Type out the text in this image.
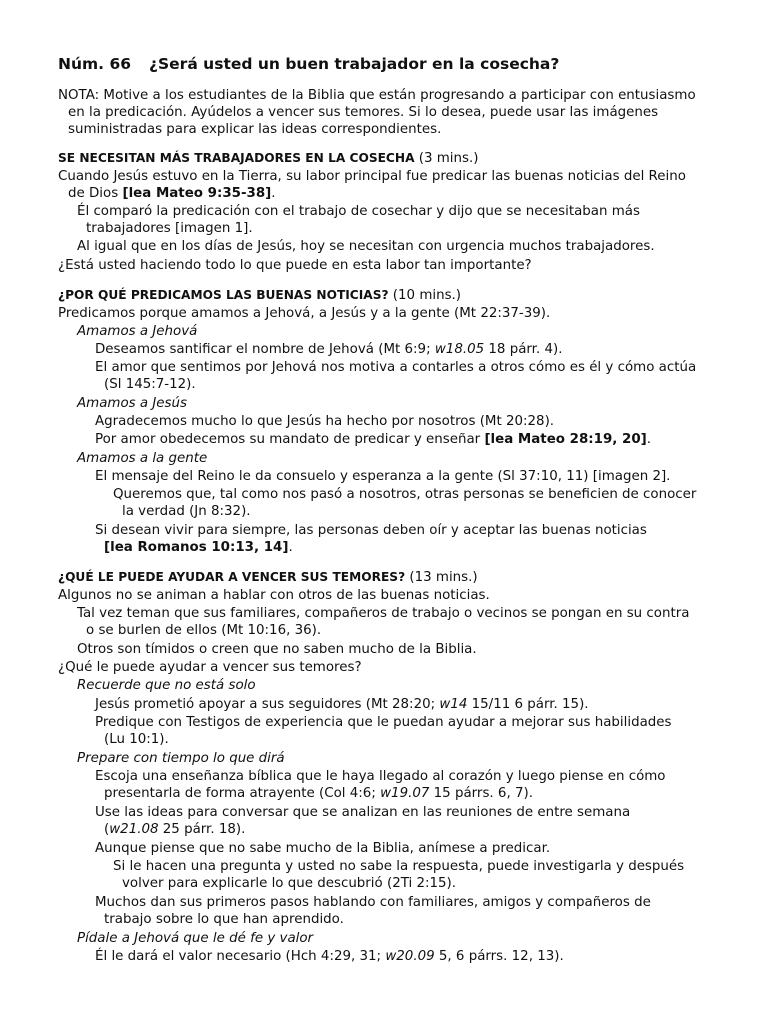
Núm. 66 ¿Será usted un buen trabajador en la cosecha?
NOTA: Motive a los estudiantes de la Biblia que están progresando a participar con entusiasmo
en la predicación. Ayúdelos a vencer sus temores. Si lo desea, puede usar las imágenes
suministradas para explicar las ideas correspondientes.
SE NECESITAN MÁS TRABAJADORES EN LA COSECHA (3 mins.)
Cuando Jesús estuvo en la Tierra, su labor principal fue predicar las buenas noticias del Reino
de Dios [lea Mateo 9:35-38].
Él comparó la predicación con el trabajo de cosechar y dijo que se necesitaban más
trabajadores [imagen 1].
Al igual que en los días de Jesús, hoy se necesitan con urgencia muchos trabajadores.
¿Está usted haciendo todo lo que puede en esta labor tan importante?
¿POR QUÉ PREDICAMOS LAS BUENAS NOTICIAS? (10 mins.)
Predicamos porque amamos a Jehová, a Jesús y a la gente (Mt 22:37-39).
Amamos a Jehová
Deseamos santificar el nombre de Jehová (Mt 6:9; w18.05 18 párr. 4).
El amor que sentimos por Jehová nos motiva a contarles a otros cómo es él y cómo actúa
(Sl 145:7-12).
Amamos a Jesús
Agradecemos mucho lo que Jesús ha hecho por nosotros (Mt 20:28).
Por amor obedecemos su mandato de predicar y enseñar [lea Mateo 28:19, 20].
Amamos a la gente
El mensaje del Reino le da consuelo y esperanza a la gente (Sl 37:10, 11) [imagen 2].
Queremos que, tal como nos pasó a nosotros, otras personas se beneficien de conocer
la verdad (Jn 8:32).
Si desean vivir para siempre, las personas deben oír y aceptar las buenas noticias
[lea Romanos 10:13, 14].
¿QUÉ LE PUEDE AYUDAR A VENCER SUS TEMORES? (13 mins.)
Algunos no se animan a hablar con otros de las buenas noticias.
Tal vez teman que sus familiares, compañeros de trabajo o vecinos se pongan en su contra
o se burlen de ellos (Mt 10:16, 36).
Otros son tímidos o creen que no saben mucho de la Biblia.
¿Qué le puede ayudar a vencer sus temores?
Recuerde que no está solo
Jesús prometió apoyar a sus seguidores (Mt 28:20; w14 15/11 6 párr. 15).
Predique con Testigos de experiencia que le puedan ayudar a mejorar sus habilidades
(Lu 10:1).
Prepare con tiempo lo que dirá
Escoja una enseñanza bíblica que le haya llegado al corazón y luego piense en cómo
presentarla de forma atrayente (Col 4:6; w19.07 15 párrs. 6, 7).
Use las ideas para conversar que se analizan en las reuniones de entre semana
(w21.08 25 párr. 18).
Aunque piense que no sabe mucho de la Biblia, anímese a predicar.
Si le hacen una pregunta y usted no sabe la respuesta, puede investigarla y después
volver para explicarle lo que descubrió (2Ti 2:15).
Muchos dan sus primeros pasos hablando con familiares, amigos y compañeros de
trabajo sobre lo que han aprendido.
Pídale a Jehová que le dé fe y valor
Él le dará el valor necesario (Hch 4:29, 31; w20.09 5, 6 párrs. 12, 13).
